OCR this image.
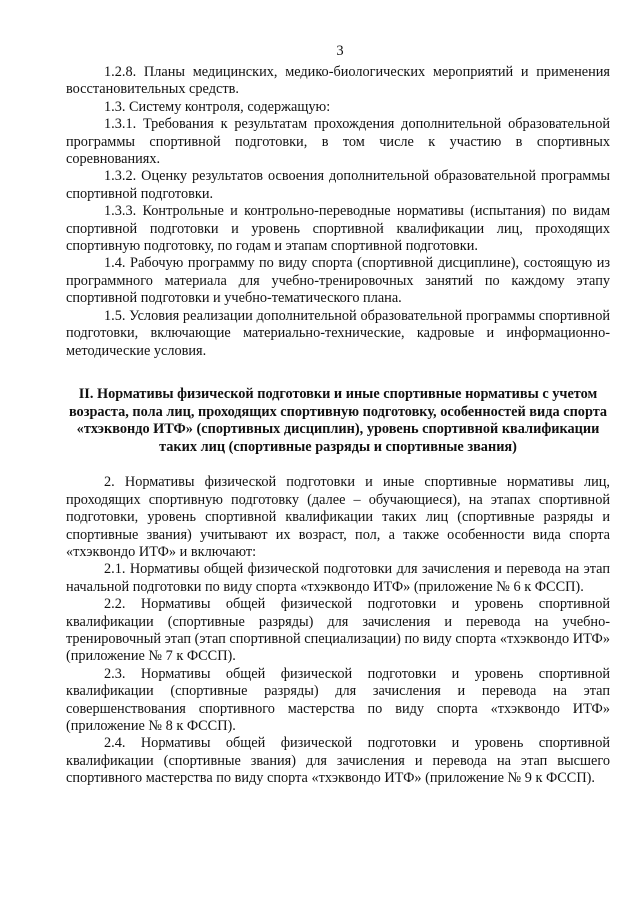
3

1.2.8. Планы медицинских, медико-биологических мероприятий и применения восстановительных средств.

1.3. Систему контроля, содержащую:

1.3.1. Требования к результатам прохождения дополнительной образовательной программы спортивной подготовки, в том числе к участию в спортивных соревнованиях.

1.3.2. Оценку результатов освоения дополнительной образовательной программы спортивной подготовки.

1.3.3. Контрольные и контрольно-переводные нормативы (испытания) по видам спортивной подготовки и уровень спортивной квалификации лиц, проходящих спортивную подготовку, по годам и этапам спортивной подготовки.

1.4. Рабочую программу по виду спорта (спортивной дисциплине), состоящую из программного материала для учебно-тренировочных занятий по каждому этапу спортивной подготовки и учебно-тематического плана.

1.5. Условия реализации дополнительной образовательной программы спортивной подготовки, включающие материально-технические, кадровые и информационно-методические условия.

II. Нормативы физической подготовки и иные спортивные нормативы с учетом возраста, пола лиц, проходящих спортивную подготовку, особенностей вида спорта «тхэквондо ИТФ» (спортивных дисциплин), уровень спортивной квалификации таких лиц (спортивные разряды и спортивные звания)

2. Нормативы физической подготовки и иные спортивные нормативы лиц, проходящих спортивную подготовку (далее – обучающиеся), на этапах спортивной подготовки, уровень спортивной квалификации таких лиц (спортивные разряды и спортивные звания) учитывают их возраст, пол, а также особенности вида спорта «тхэквондо ИТФ» и включают:

2.1. Нормативы общей физической подготовки для зачисления и перевода на этап начальной подготовки по виду спорта «тхэквондо ИТФ» (приложение № 6 к ФССП).

2.2. Нормативы общей физической подготовки и уровень спортивной квалификации (спортивные разряды) для зачисления и перевода на учебно-тренировочный этап (этап спортивной специализации) по виду спорта «тхэквондо ИТФ» (приложение № 7 к ФССП).

2.3. Нормативы общей физической подготовки и уровень спортивной квалификации (спортивные разряды) для зачисления и перевода на этап совершенствования спортивного мастерства по виду спорта «тхэквондо ИТФ» (приложение № 8 к ФССП).

2.4. Нормативы общей физической подготовки и уровень спортивной квалификации (спортивные звания) для зачисления и перевода на этап высшего спортивного мастерства по виду спорта «тхэквондо ИТФ» (приложение № 9 к ФССП).
